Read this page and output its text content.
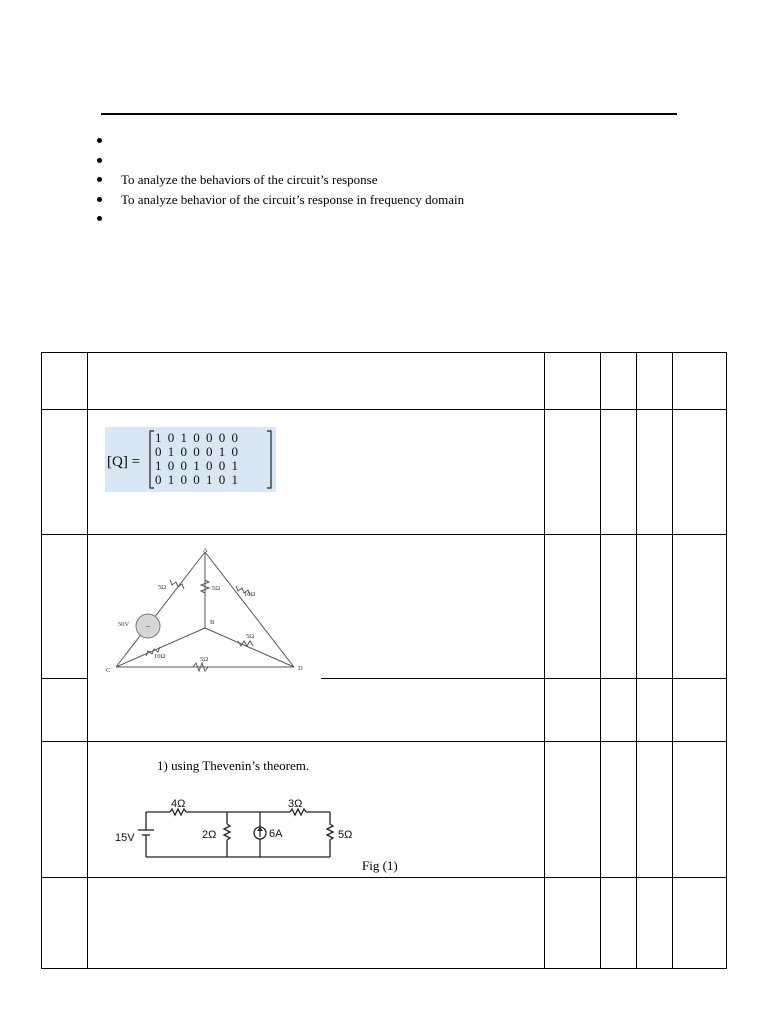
To analyze the behaviors of the circuit’s response
To analyze behavior of the circuit’s response in frequency domain
[Q] =
1 0 1 0 0 0 0
0 1 0 0 0 1 0
1 0 0 1 0 0 1
0 1 0 0 1 0 1
~
50V
A
B
C	D
5Ω	5Ω
10Ω
10Ω
5Ω
5Ω
1) using Thevenin’s theorem.
15V
4Ω
2Ω
3Ω
6A	5Ω
Fig (1)
